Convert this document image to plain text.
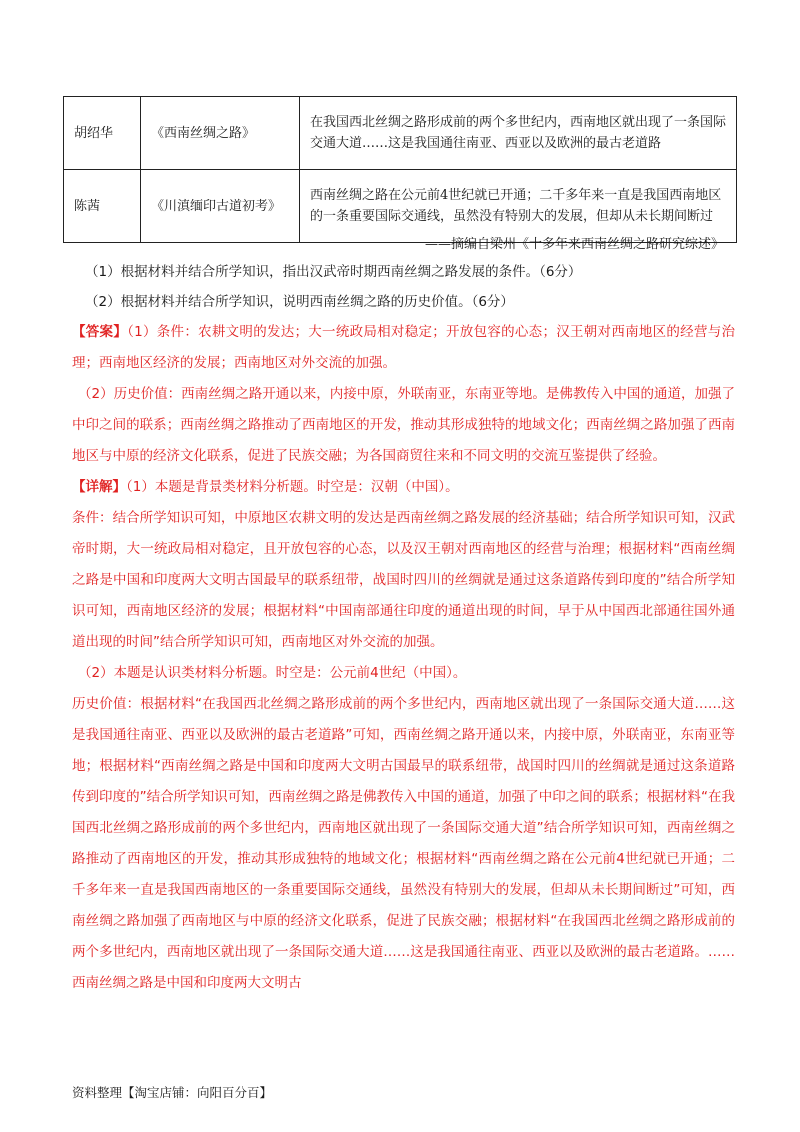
胡绍华	《西南丝绸之路》	在我国西北丝绸之路形成前的两个多世纪内，西南地区就出现了一条国际交通大道……这是我国通往南亚、西亚以及欧洲的最古老道路
陈茜	《川滇缅印古道初考》	西南丝绸之路在公元前4世纪就已开通；二千多年来一直是我国西南地区的一条重要国际交通线，虽然没有特别大的发展，但却从未长期间断过
——摘编自梁州《十多年来西南丝绸之路研究综述》
（1）根据材料并结合所学知识，指出汉武帝时期西南丝绸之路发展的条件。（6分）
（2）根据材料并结合所学知识，说明西南丝绸之路的历史价值。（6分）

【答案】（1）条件：农耕文明的发达；大一统政局相对稳定；开放包容的心态；汉王朝对西南地区的经营与治理；西南地区经济的发展；西南地区对外交流的加强。

（2）历史价值：西南丝绸之路开通以来，内接中原，外联南亚，东南亚等地。是佛教传入中国的通道，加强了中印之间的联系；西南丝绸之路推动了西南地区的开发，推动其形成独特的地域文化；西南丝绸之路加强了西南地区与中原的经济文化联系，促进了民族交融；为各国商贸往来和不同文明的交流互鉴提供了经验。

【详解】（1）本题是背景类材料分析题。时空是：汉朝（中国）。

条件：结合所学知识可知，中原地区农耕文明的发达是西南丝绸之路发展的经济基础；结合所学知识可知，汉武帝时期，大一统政局相对稳定，且开放包容的心态，以及汉王朝对西南地区的经营与治理；根据材料“西南丝绸之路是中国和印度两大文明古国最早的联系纽带，战国时四川的丝绸就是通过这条道路传到印度的”结合所学知识可知，西南地区经济的发展；根据材料“中国南部通往印度的通道出现的时间，早于从中国西北部通往国外通道出现的时间”结合所学知识可知，西南地区对外交流的加强。

（2）本题是认识类材料分析题。时空是：公元前4世纪（中国）。

历史价值：根据材料“在我国西北丝绸之路形成前的两个多世纪内，西南地区就出现了一条国际交通大道……这是我国通往南亚、西亚以及欧洲的最古老道路”可知，西南丝绸之路开通以来，内接中原，外联南亚，东南亚等地；根据材料“西南丝绸之路是中国和印度两大文明古国最早的联系纽带，战国时四川的丝绸就是通过这条道路传到印度的”结合所学知识可知，西南丝绸之路是佛教传入中国的通道，加强了中印之间的联系；根据材料“在我国西北丝绸之路形成前的两个多世纪内，西南地区就出现了一条国际交通大道”结合所学知识可知，西南丝绸之路推动了西南地区的开发，推动其形成独特的地域文化；根据材料“西南丝绸之路在公元前4世纪就已开通；二千多年来一直是我国西南地区的一条重要国际交通线，虽然没有特别大的发展，但却从未长期间断过”可知，西南丝绸之路加强了西南地区与中原的经济文化联系，促进了民族交融；根据材料“在我国西北丝绸之路形成前的两个多世纪内，西南地区就出现了一条国际交通大道……这是我国通往南亚、西亚以及欧洲的最古老道路。……西南丝绸之路是中国和印度两大文明古

资料整理【淘宝店铺：向阳百分百】
